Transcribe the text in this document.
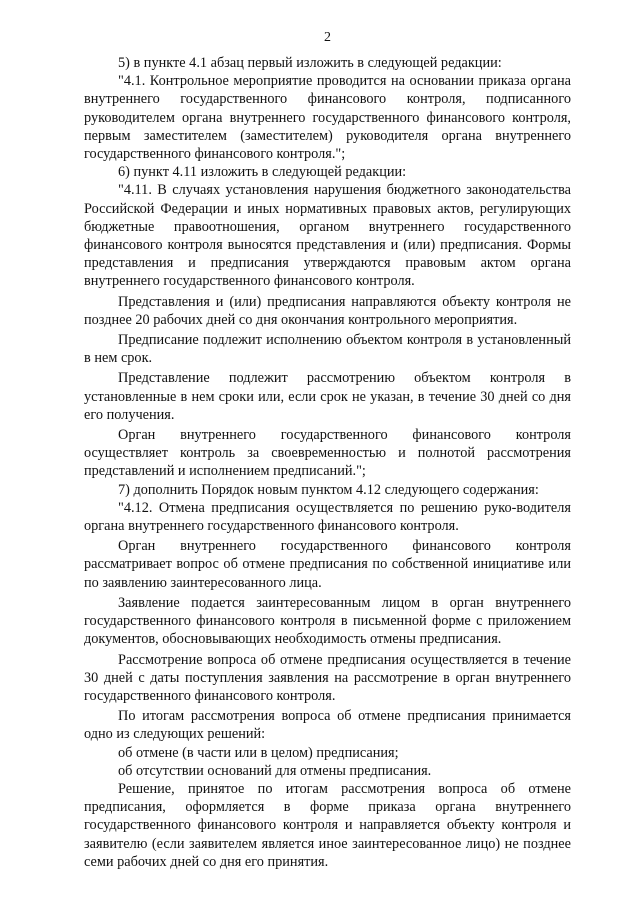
2

5) в пункте 4.1 абзац первый изложить в следующей редакции:

"4.1. Контрольное мероприятие проводится на основании приказа органа внутреннего государственного финансового контроля, подписанного руководителем органа внутреннего государственного финансового контроля, первым заместителем (заместителем) руководителя органа внутреннего государственного финансового контроля.";

6) пункт 4.11 изложить в следующей редакции:

"4.11. В случаях установления нарушения бюджетного законодательства Российской Федерации и иных нормативных правовых актов, регулирующих бюджетные правоотношения, органом внутреннего государственного финансового контроля выносятся представления и (или) предписания. Формы представления и предписания утверждаются правовым актом органа внутреннего государственного финансового контроля.

Представления и (или) предписания направляются объекту контроля не позднее 20 рабочих дней со дня окончания контрольного мероприятия.

Предписание подлежит исполнению объектом контроля в установленный в нем срок.

Представление подлежит рассмотрению объектом контроля в установленные в нем сроки или, если срок не указан, в течение 30 дней со дня его получения.

Орган внутреннего государственного финансового контроля осуществляет контроль за своевременностью и полнотой рассмотрения представлений и исполнением предписаний.";

7) дополнить Порядок новым пунктом 4.12 следующего содержания:

"4.12. Отмена предписания осуществляется по решению руко-водителя органа внутреннего государственного финансового контроля.

Орган внутреннего государственного финансового контроля рассматривает вопрос об отмене предписания по собственной инициативе или по заявлению заинтересованного лица.

Заявление подается заинтересованным лицом в орган внутреннего государственного финансового контроля в письменной форме с приложением документов, обосновывающих необходимость отмены предписания.

Рассмотрение вопроса об отмене предписания осуществляется в течение 30 дней с даты поступления заявления на рассмотрение в орган внутреннего государственного финансового контроля.

По итогам рассмотрения вопроса об отмене предписания принимается одно из следующих решений:

об отмене (в части или в целом) предписания;

об отсутствии оснований для отмены предписания.

Решение, принятое по итогам рассмотрения вопроса об отмене предписания, оформляется в форме приказа органа внутреннего государственного финансового контроля и направляется объекту контроля и заявителю (если заявителем является иное заинтересованное лицо) не позднее семи рабочих дней со дня его принятия.
